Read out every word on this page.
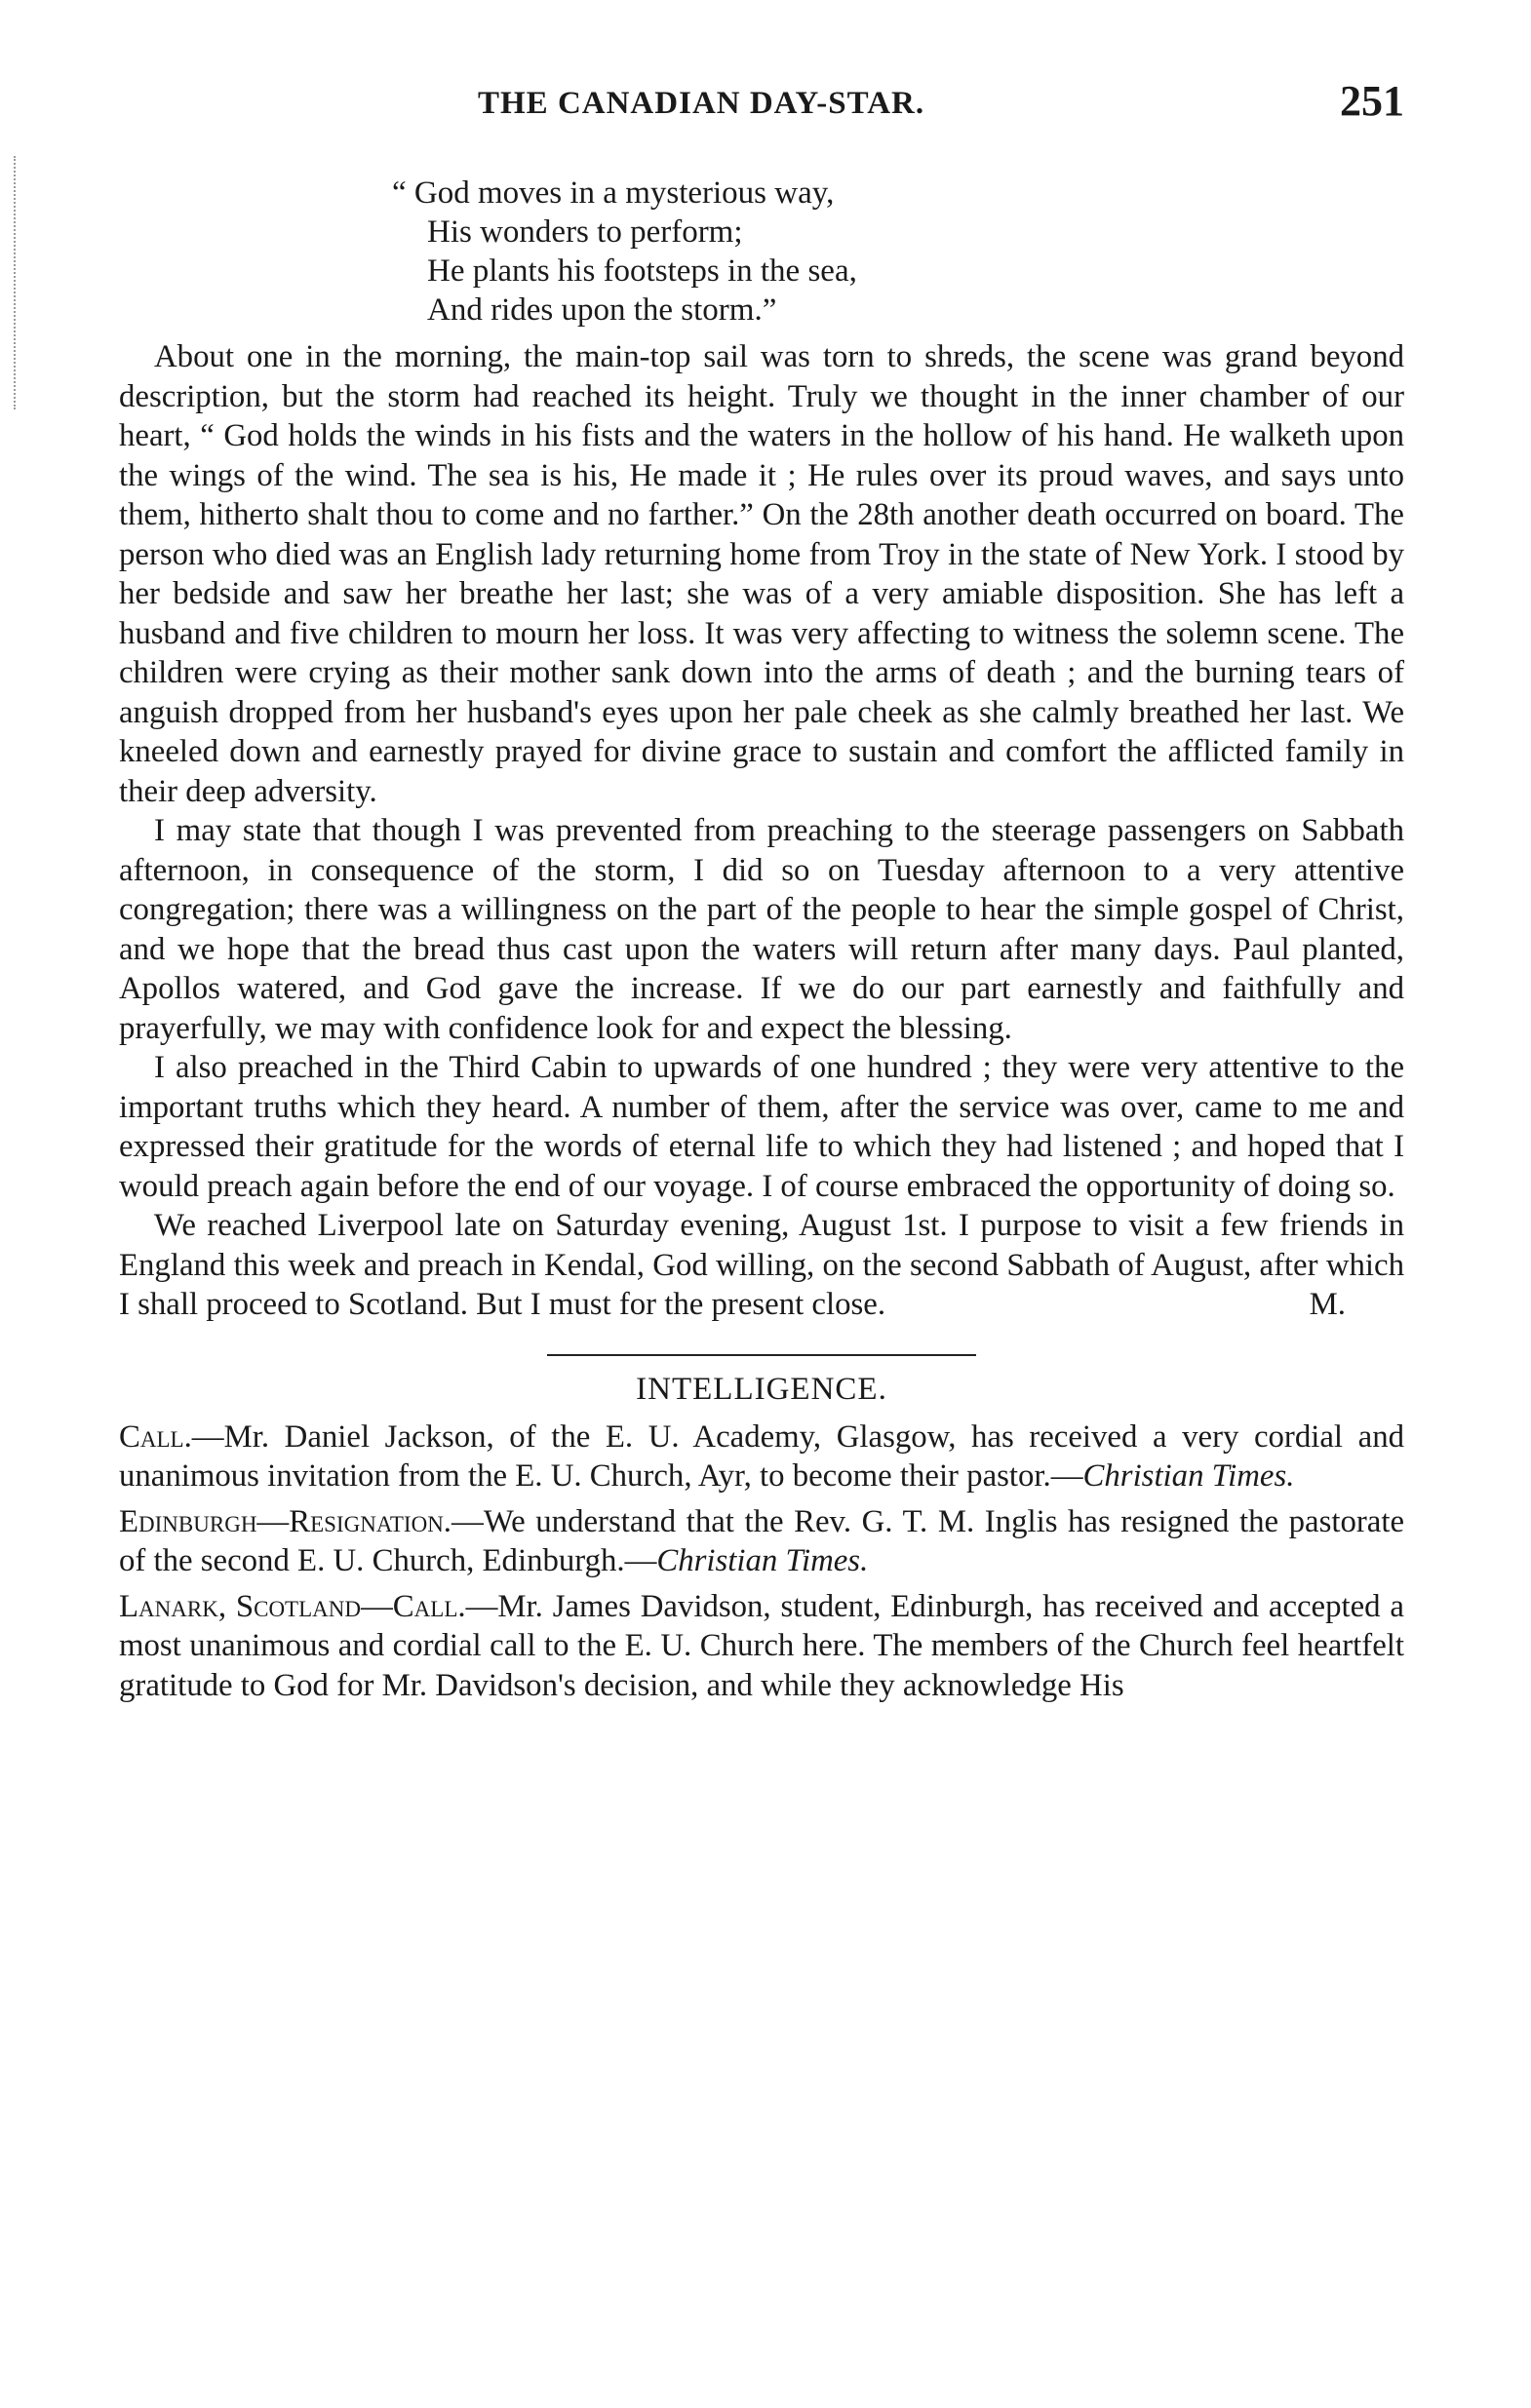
THE CANADIAN DAY-STAR.	251
“ God moves in a mysterious way,
His wonders to perform;
He plants his footsteps in the sea,
And rides upon the storm.”

About one in the morning, the main-top sail was torn to shreds, the scene was grand beyond description, but the storm had reached its height. Truly we thought in the inner chamber of our heart, “ God holds the winds in his fists and the waters in the hollow of his hand. He walketh upon the wings of the wind. The sea is his, He made it ; He rules over its proud waves, and says unto them, hitherto shalt thou to come and no farther.” On the 28th another death occurred on board. The person who died was an English lady returning home from Troy in the state of New York. I stood by her bedside and saw her breathe her last; she was of a very amiable disposition. She has left a husband and five children to mourn her loss. It was very affecting to witness the solemn scene. The children were crying as their mother sank down into the arms of death ; and the burning tears of anguish dropped from her husband's eyes upon her pale cheek as she calmly breathed her last. We kneeled down and earnestly prayed for divine grace to sustain and comfort the afflicted family in their deep adversity.

I may state that though I was prevented from preaching to the steerage passengers on Sabbath afternoon, in consequence of the storm, I did so on Tuesday afternoon to a very attentive congregation; there was a willingness on the part of the people to hear the simple gospel of Christ, and we hope that the bread thus cast upon the waters will return after many days. Paul planted, Apollos watered, and God gave the increase. If we do our part earnestly and faithfully and prayerfully, we may with confidence look for and expect the blessing.

I also preached in the Third Cabin to upwards of one hundred ; they were very attentive to the important truths which they heard. A number of them, after the service was over, came to me and expressed their gratitude for the words of eternal life to which they had listened ; and hoped that I would preach again before the end of our voyage. I of course embraced the opportunity of doing so.

We reached Liverpool late on Saturday evening, August 1st. I purpose to visit a few friends in England this week and preach in Kendal, God willing, on the second Sabbath of August, after which I shall proceed to Scotland. But I must for the present close.	M.

INTELLIGENCE.

Call.—Mr. Daniel Jackson, of the E. U. Academy, Glasgow, has received a very cordial and unanimous invitation from the E. U. Church, Ayr, to become their pastor.—Christian Times.

Edinburgh—Resignation.—We understand that the Rev. G. T. M. Inglis has resigned the pastorate of the second E. U. Church, Edinburgh.—Christian Times.

Lanark, Scotland—Call.—Mr. James Davidson, student, Edinburgh, has received and accepted a most unanimous and cordial call to the E. U. Church here. The members of the Church feel heartfelt gratitude to God for Mr. Davidson's decision, and while they acknowledge His
